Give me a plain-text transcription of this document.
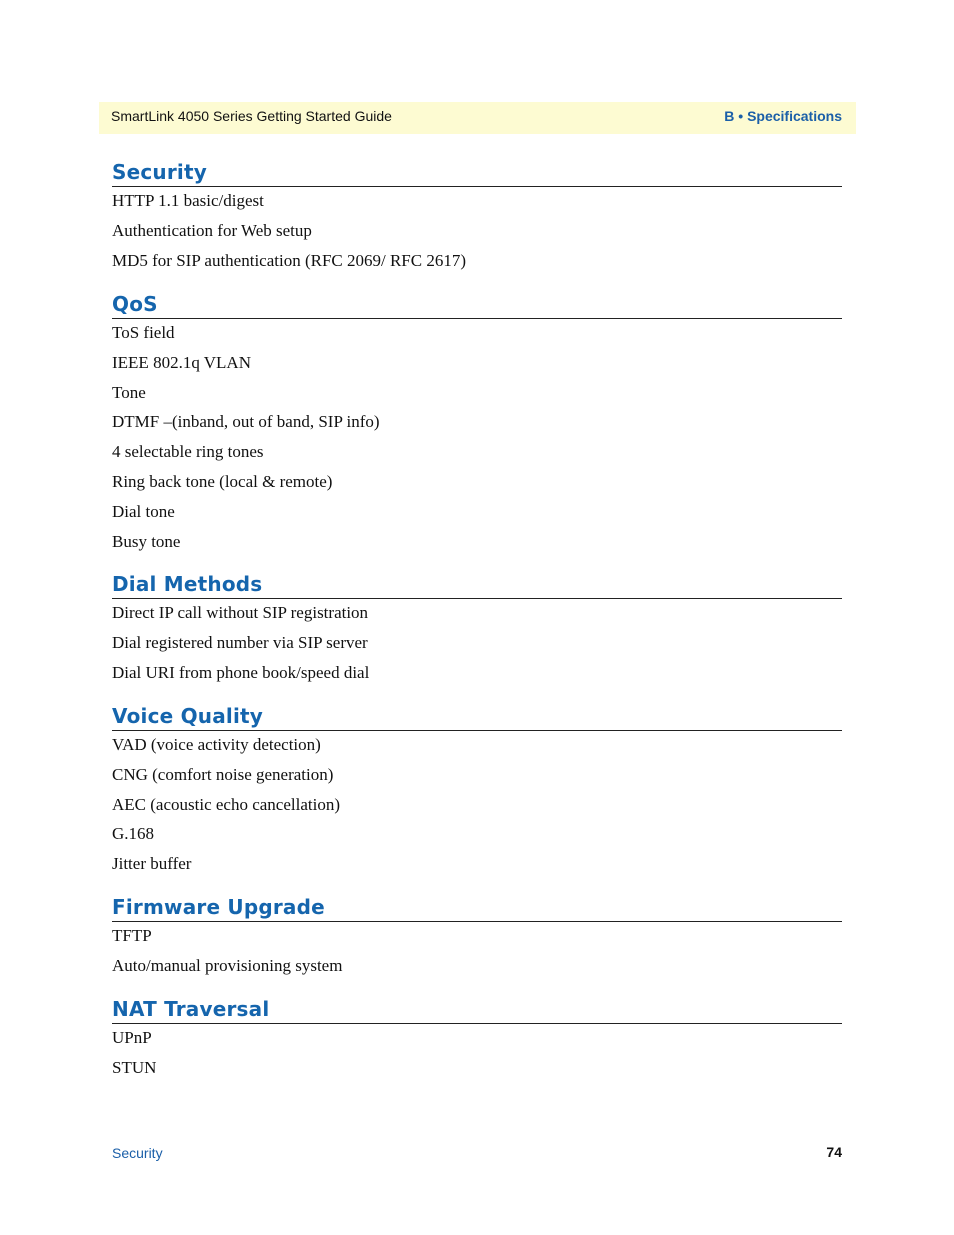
SmartLink 4050 Series Getting Started Guide	B • Specifications
Security
HTTP 1.1 basic/digest
Authentication for Web setup
MD5 for SIP authentication (RFC 2069/ RFC 2617)
QoS
ToS field
IEEE 802.1q VLAN
Tone
DTMF –(inband, out of band, SIP info)
4 selectable ring tones
Ring back tone (local & remote)
Dial tone
Busy tone
Dial Methods
Direct IP call without SIP registration
Dial registered number via SIP server
Dial URI from phone book/speed dial
Voice Quality
VAD (voice activity detection)
CNG (comfort noise generation)
AEC (acoustic echo cancellation)
G.168
Jitter buffer
Firmware Upgrade
TFTP
Auto/manual provisioning system
NAT Traversal
UPnP
STUN
Security	74
